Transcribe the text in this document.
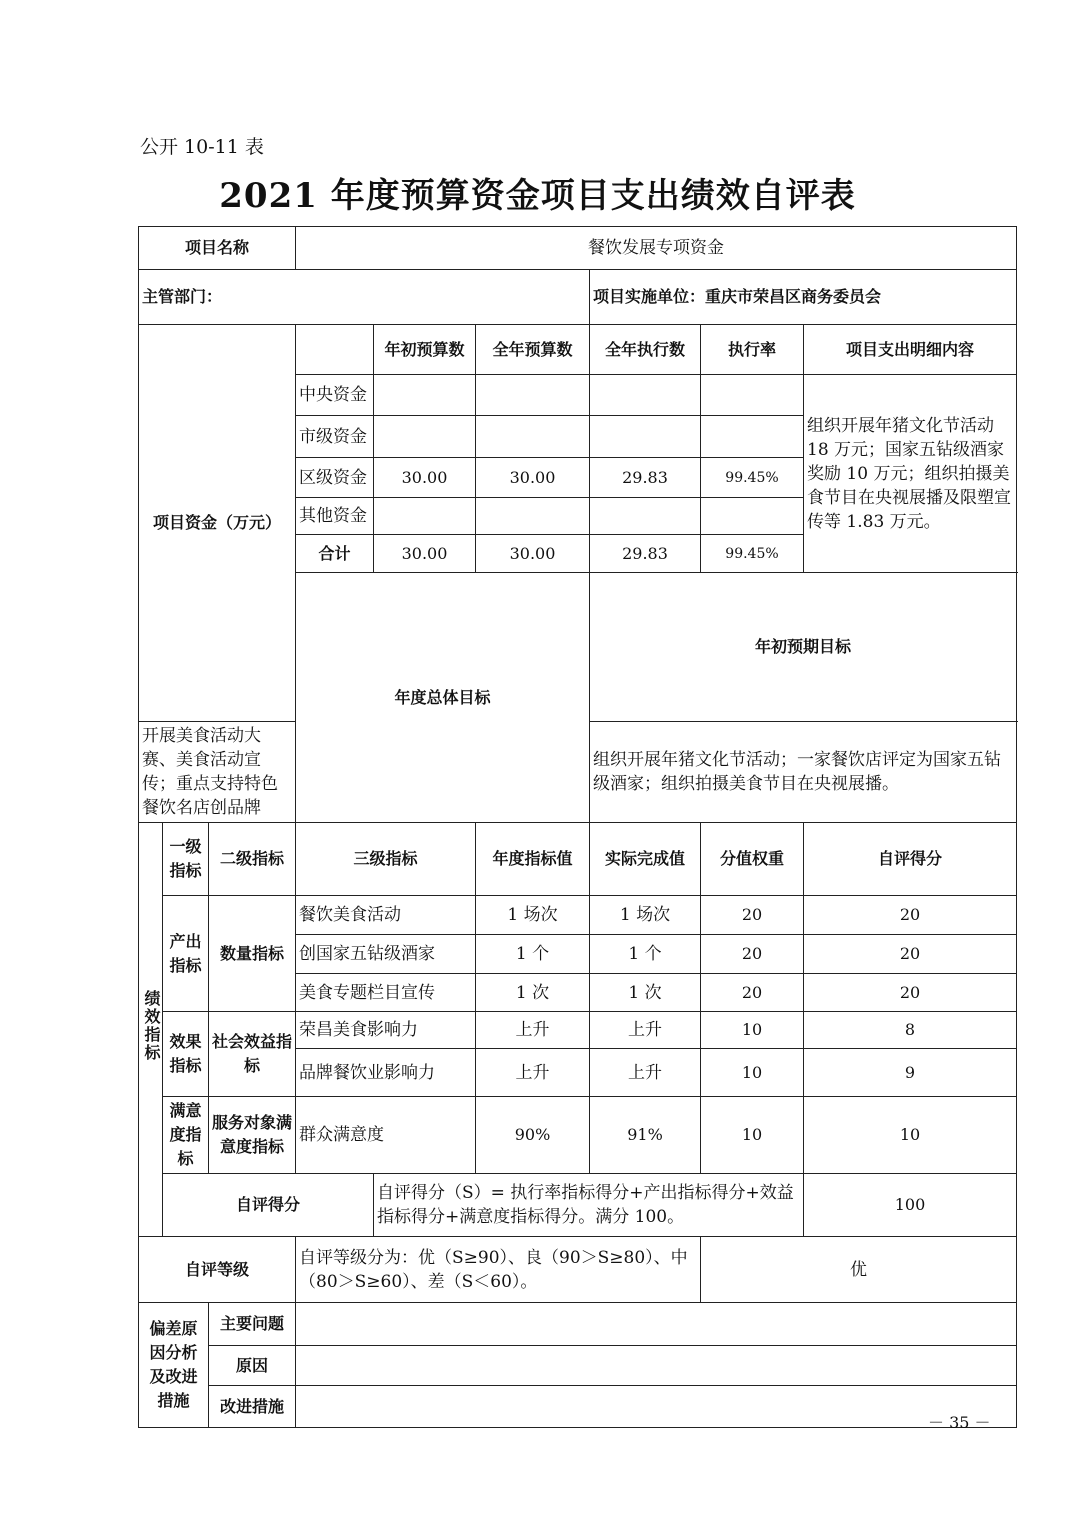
公开 10-11 表
2021 年度预算资金项目支出绩效自评表
项目名称			餐饮发展专项资金						
主管部门：						项目实施单位：重庆市荣昌区商务委员会			
项目资金（万元）				年初预算数	全年预算数	全年执行数	执行率	项目支出明细内容	
			中央资金					组织开展年猪文化节活动 18 万元；国家五钻级酒家奖励 10 万元；组织拍摄美食节目在央视展播及限塑宣传等 1.83 万元。	
			市级资金						
			区级资金	30.00	30.00	29.83	99.45%		
			其他资金						
			合计	30.00	30.00	29.83	99.45%		
			年度总体目标			年初预期目标	
开展美食活动大赛、美食活动宣传；重点支持特色餐饮名店创品牌						组织开展年猪文化节活动；一家餐饮店评定为国家五钻级酒家；组织拍摄美食节目在央视展播。			
绩效指标	一级指标	二级指标	三级指标		年度指标值	实际完成值	分值权重	自评得分	
	产出指标	数量指标	餐饮美食活动		1 场次	1 场次	20	20	
			创国家五钻级酒家		1 个	1 个	20	20	
			美食专题栏目宣传		1 次	1 次	20	20	
	效果指标	社会效益指标	荣昌美食影响力		上升	上升	10	8	
			品牌餐饮业影响力		上升	上升	10	9	
	满意度指标	服务对象满意度指标	群众满意度		90%	91%	10	10	
	自评得分			自评得分（S）= 执行率指标得分+产出指标得分+效益指标得分+满意度指标得分。满分 100。				100	
自评等级			自评等级分为：优（S≥90）、良（90＞S≥80）、中（80＞S≥60）、差（S＜60）。				优		
偏差原因分析及改进措施		主要问题							
		原因							
		改进措施							
－ 35 －
